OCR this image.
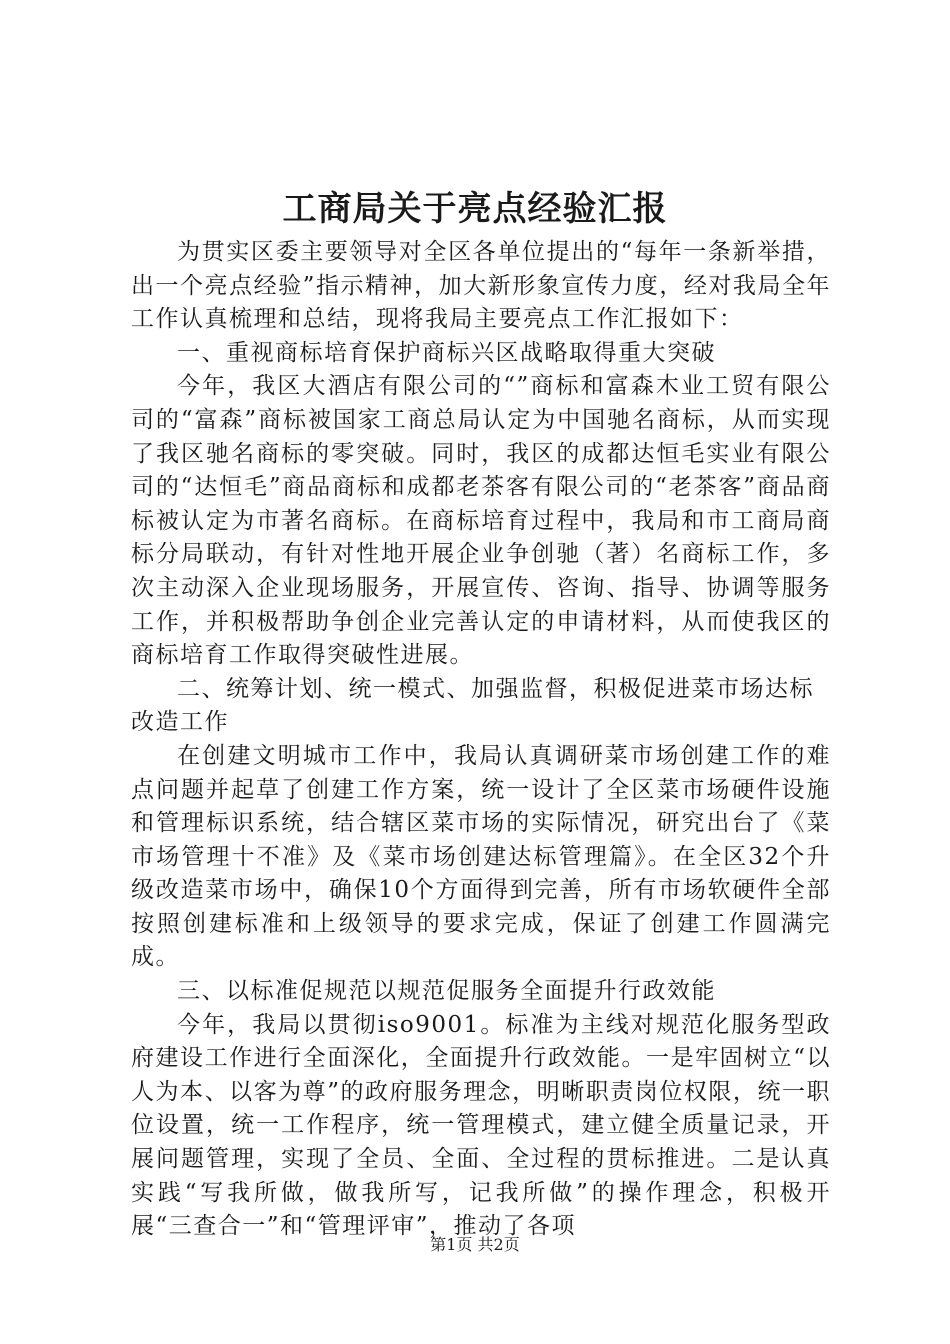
工商局关于亮点经验汇报

为贯实区委主要领导对全区各单位提出的“每年一条新举措，出一个亮点经验”指示精神，加大新形象宣传力度，经对我局全年工作认真梳理和总结，现将我局主要亮点工作汇报如下：

一、重视商标培育保护商标兴区战略取得重大突破

今年，我区大酒店有限公司的“”商标和富森木业工贸有限公司的“富森”商标被国家工商总局认定为中国驰名商标，从而实现了我区驰名商标的零突破。同时，我区的成都达恒毛实业有限公司的“达恒毛”商品商标和成都老茶客有限公司的“老茶客”商品商标被认定为市著名商标。在商标培育过程中，我局和市工商局商标分局联动，有针对性地开展企业争创驰（著）名商标工作，多次主动深入企业现场服务，开展宣传、咨询、指导、协调等服务工作，并积极帮助争创企业完善认定的申请材料，从而使我区的商标培育工作取得突破性进展。

二、统筹计划、统一模式、加强监督，积极促进菜市场达标改造工作

在创建文明城市工作中，我局认真调研菜市场创建工作的难点问题并起草了创建工作方案，统一设计了全区菜市场硬件设施和管理标识系统，结合辖区菜市场的实际情况，研究出台了《菜市场管理十不准》及《菜市场创建达标管理篇》。在全区32个升级改造菜市场中，确保10个方面得到完善，所有市场软硬件全部按照创建标准和上级领导的要求完成，保证了创建工作圆满完成。

三、以标准促规范以规范促服务全面提升行政效能

今年，我局以贯彻iso9001。标准为主线对规范化服务型政府建设工作进行全面深化，全面提升行政效能。一是牢固树立“以人为本、以客为尊”的政府服务理念，明晰职责岗位权限，统一职位设置，统一工作程序，统一管理模式，建立健全质量记录，开展问题管理，实现了全员、全面、全过程的贯标推进。二是认真实践“写我所做，做我所写，记我所做”的操作理念，积极开展“三查合一”和“管理评审”，推动了各项

第1页 共2页
